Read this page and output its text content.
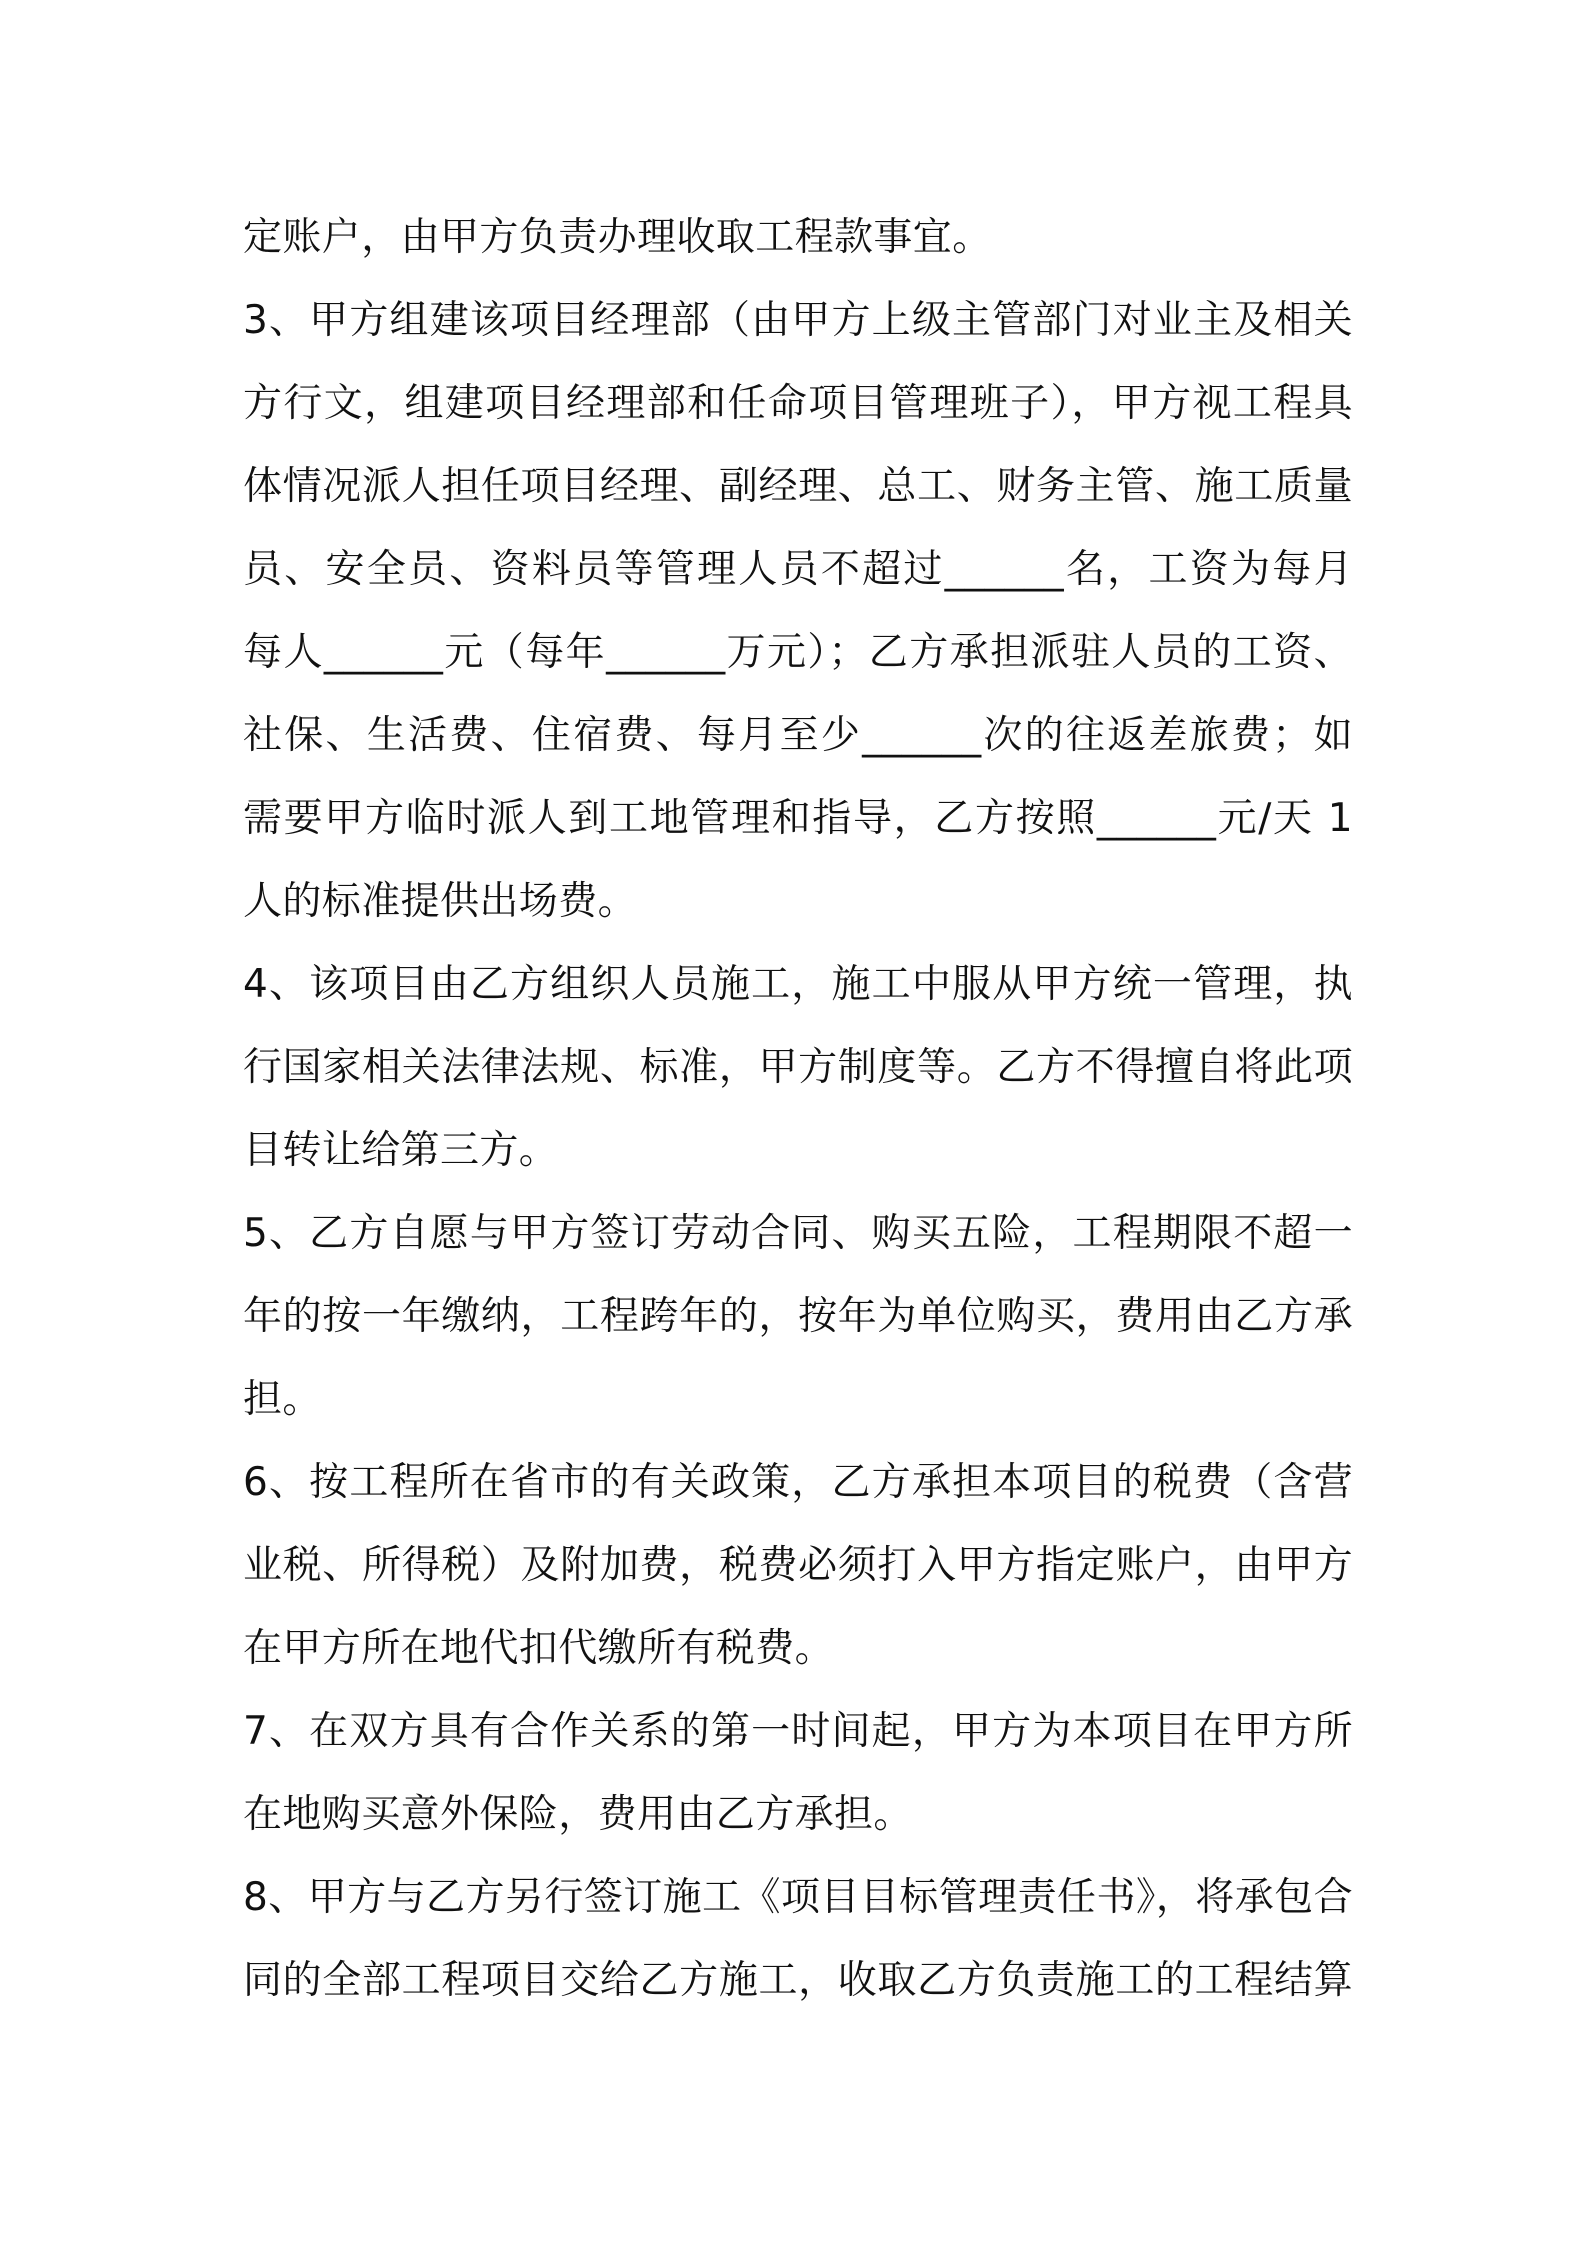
定账户，由甲方负责办理收取工程款事宜。
3、甲方组建该项目经理部（由甲方上级主管部门对业主及相关
方行文，组建项目经理部和任命项目管理班子），甲方视工程具
体情况派人担任项目经理、副经理、总工、财务主管、施工质量
员、安全员、资料员等管理人员不超过______名，工资为每月
每人______元（每年______万元）；乙方承担派驻人员的工资、
社保、生活费、住宿费、每月至少______次的往返差旅费；如
需要甲方临时派人到工地管理和指导，乙方按照______元/天 1
人的标准提供出场费。
4、该项目由乙方组织人员施工，施工中服从甲方统一管理，执
行国家相关法律法规、标准，甲方制度等。乙方不得擅自将此项
目转让给第三方。
5、乙方自愿与甲方签订劳动合同、购买五险，工程期限不超一
年的按一年缴纳，工程跨年的，按年为单位购买，费用由乙方承
担。
6、按工程所在省市的有关政策，乙方承担本项目的税费（含营
业税、所得税）及附加费，税费必须打入甲方指定账户，由甲方
在甲方所在地代扣代缴所有税费。
7、在双方具有合作关系的第一时间起，甲方为本项目在甲方所
在地购买意外保险，费用由乙方承担。
8、甲方与乙方另行签订施工《项目目标管理责任书》，将承包合
同的全部工程项目交给乙方施工，收取乙方负责施工的工程结算
